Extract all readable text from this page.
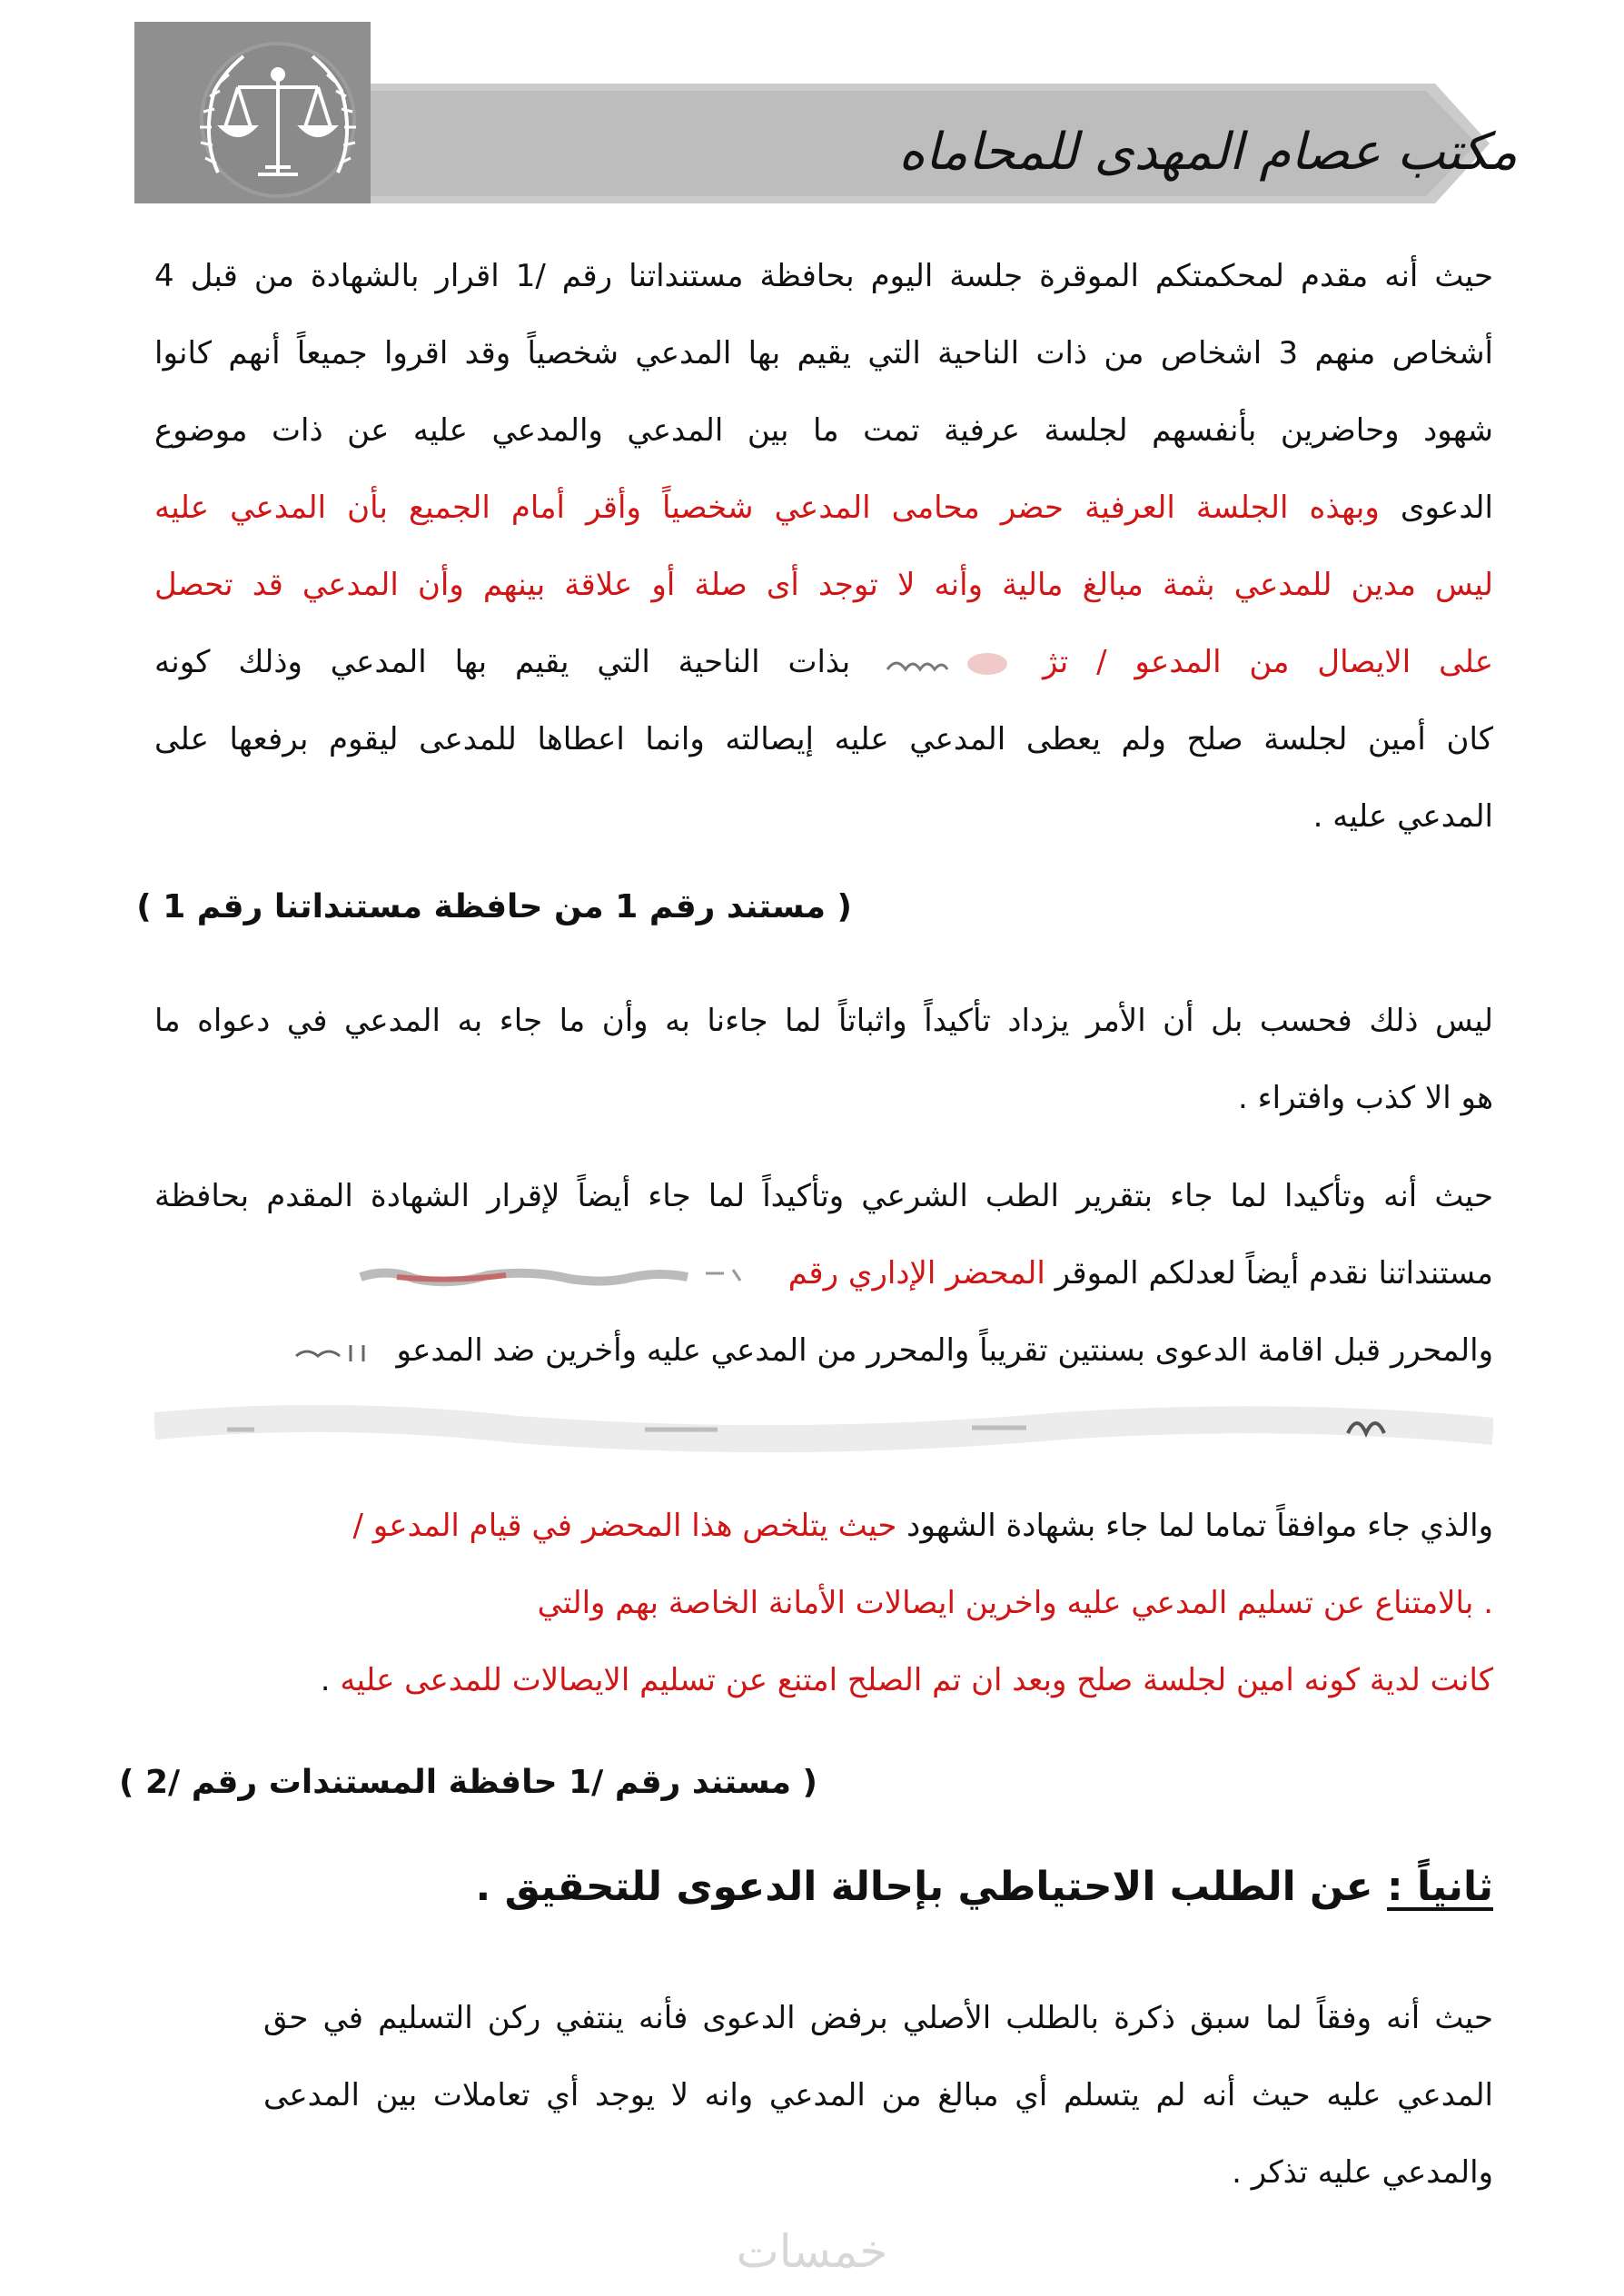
مكتب عصام المهدى للمحاماه
حيث أنه مقدم لمحكمتكم الموقرة جلسة اليوم بحافظة مستنداتنا رقم /1 اقرار بالشهادة من قبل 4
أشخاص منهم 3 اشخاص من ذات الناحية التي يقيم بها المدعي شخصياً وقد اقروا جميعاً أنهم كانوا
شهود وحاضرين بأنفسهم لجلسة عرفية تمت ما بين المدعي والمدعي عليه عن ذات موضوع
الدعوى وبهذه الجلسة العرفية حضر محامى المدعي شخصياً وأقر أمام الجميع بأن المدعي عليه
ليس مدين للمدعي بثمة مبالغ مالية وأنه لا توجد أى صلة أو علاقة بينهم وأن المدعي قد تحصل
على الايصال من المدعو / تژ  بذات الناحية التي يقيم بها المدعي وذلك كونه
كان أمين لجلسة صلح ولم يعطى المدعي عليه إيصالته وانما اعطاها للمدعى ليقوم برفعها على
المدعي عليه .
( مستند رقم 1 من حافظة مستنداتنا رقم 1 )
ليس ذلك فحسب بل أن الأمر يزداد تأكيداً واثباتاً لما جاءنا به وأن ما جاء به المدعي في دعواه ما
هو الا كذب وافتراء .
حيث أنه وتأكيدا لما جاء بتقرير الطب الشرعي وتأكيداً لما جاء أيضاً لإقرار الشهادة المقدم بحافظة
مستنداتنا نقدم أيضاً لعدلكم الموقر المحضر الإداري رقم
والمحرر قبل اقامة الدعوى بسنتين تقريباً والمحرر من المدعي عليه وأخرين ضد المدعو
والذي جاء موافقاً تماما لما جاء بشهادة الشهود حيث يتلخص هذا المحضر في قيام المدعو /
. بالامتناع عن تسليم المدعي عليه واخرين ايصالات الأمانة الخاصة بهم والتي
كانت لدية كونه امين لجلسة صلح وبعد ان تم الصلح امتنع عن تسليم الايصالات للمدعى عليه .
( مستند رقم /1 حافظة المستندات رقم /2 )
ثانياً : عن الطلب الاحتياطي بإحالة الدعوى للتحقيق .
حيث أنه وفقاً لما سبق ذكرة بالطلب الأصلي برفض الدعوى فأنه ينتفي ركن التسليم في حق
المدعي عليه حيث أنه لم يتسلم أي مبالغ من المدعي وانه لا يوجد أي تعاملات بين المدعى
والمدعي عليه تذكر .
خمسات
